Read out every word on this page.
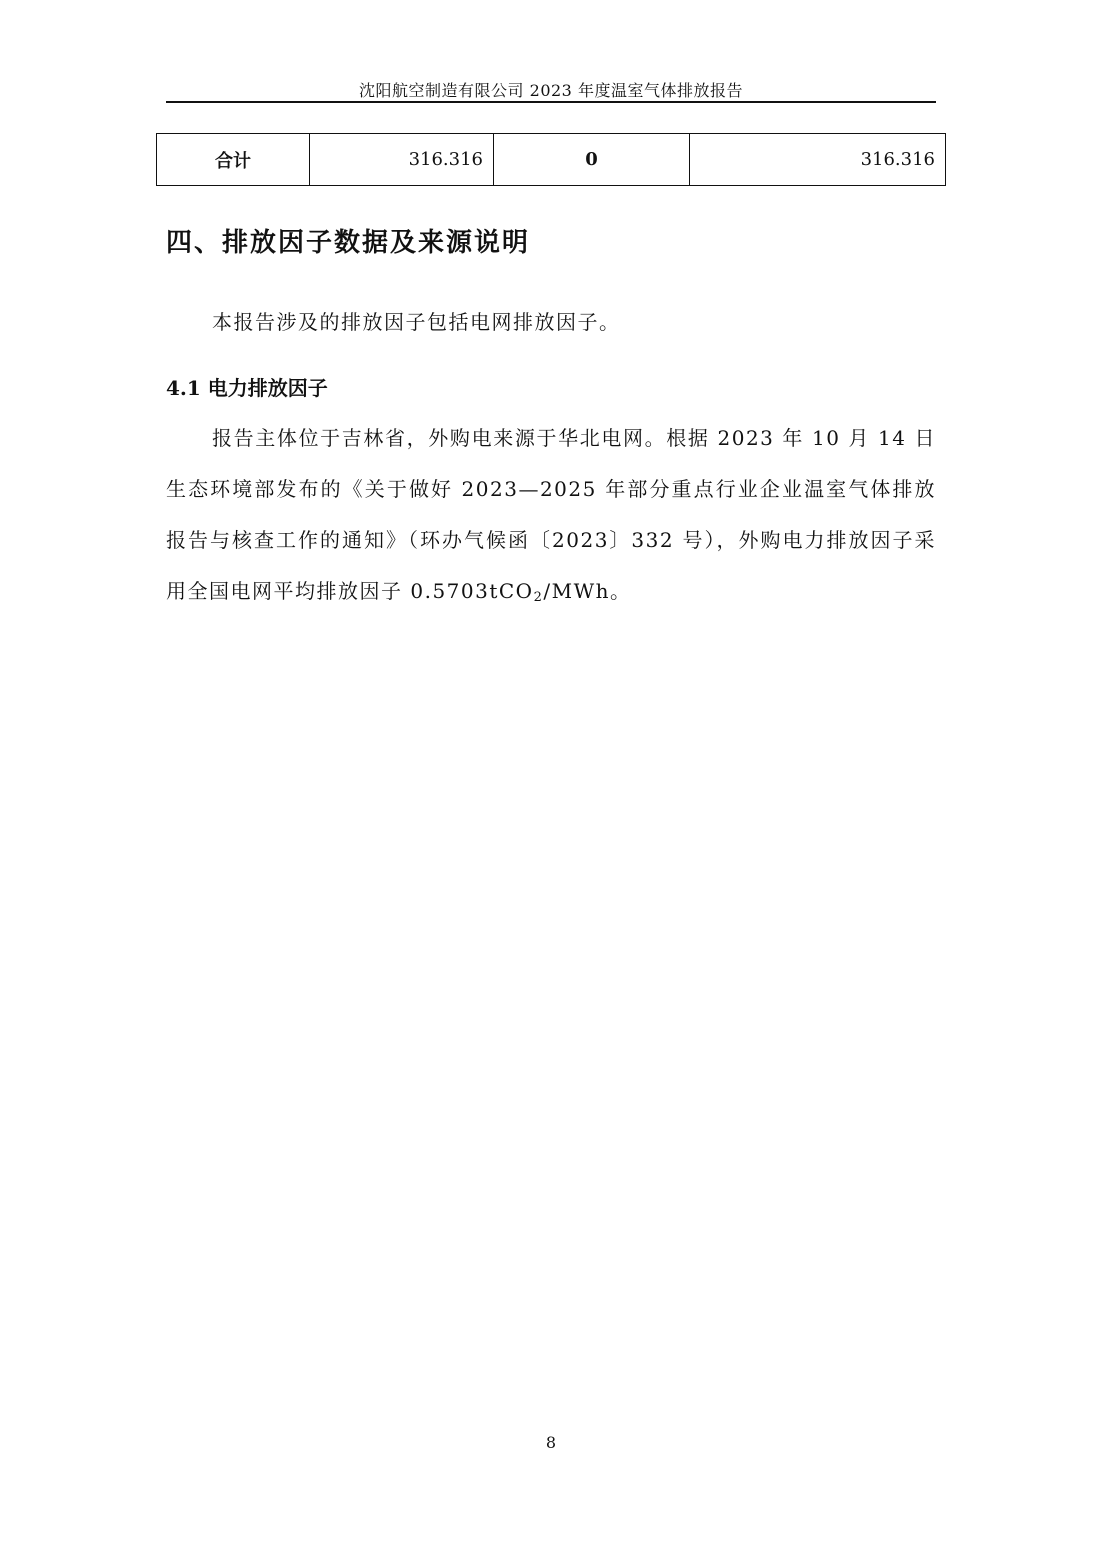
沈阳航空制造有限公司 2023 年度温室气体排放报告
合计	316.316	0	316.316
四、排放因子数据及来源说明

本报告涉及的排放因子包括电网排放因子。

4.1 电力排放因子

报告主体位于吉林省，外购电来源于华北电网。根据 2023 年 10 月 14 日生态环境部发布的《关于做好 2023—2025 年部分重点行业企业温室气体排放报告与核查工作的通知》（环办气候函〔2023〕332 号），外购电力排放因子采用全国电网平均排放因子 0.5703tCO$_2$/MWh。

8
